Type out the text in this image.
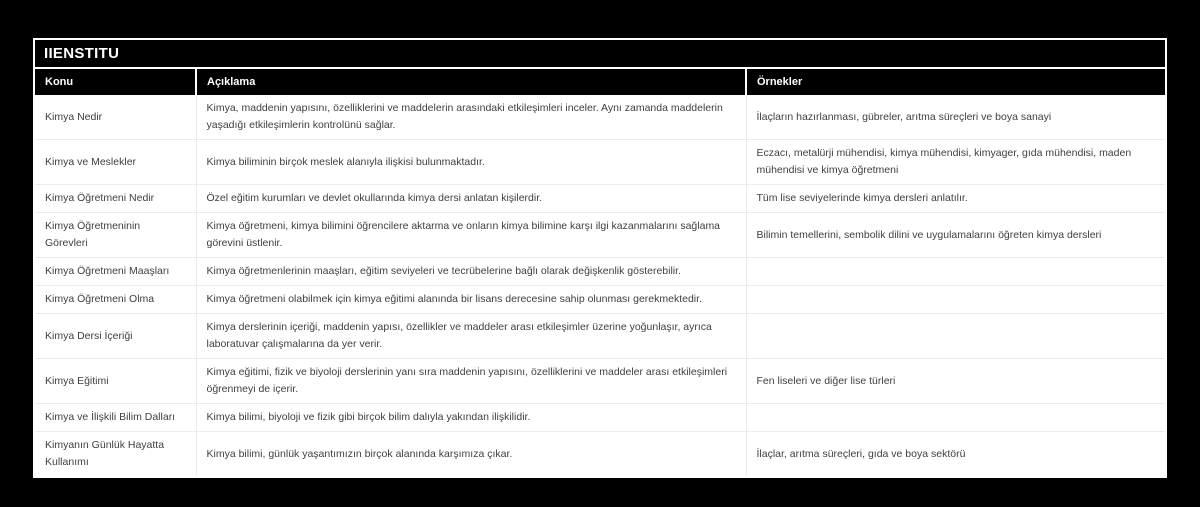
IIENSTITU
Konu	Açıklama	Örnekler
Kimya Nedir	Kimya, maddenin yapısını, özelliklerini ve maddelerin arasındaki etkileşimleri inceler. Aynı zamanda maddelerin yaşadığı etkileşimlerin kontrolünü sağlar.	İlaçların hazırlanması, gübreler, arıtma süreçleri ve boya sanayi
Kimya ve Meslekler	Kimya biliminin birçok meslek alanıyla ilişkisi bulunmaktadır.	Eczacı, metalürji mühendisi, kimya mühendisi, kimyager, gıda mühendisi, maden mühendisi ve kimya öğretmeni
Kimya Öğretmeni Nedir	Özel eğitim kurumları ve devlet okullarında kimya dersi anlatan kişilerdir.	Tüm lise seviyelerinde kimya dersleri anlatılır.
Kimya Öğretmeninin Görevleri	Kimya öğretmeni, kimya bilimini öğrencilere aktarma ve onların kimya bilimine karşı ilgi kazanmalarını sağlama görevini üstlenir.	Bilimin temellerini, sembolik dilini ve uygulamalarını öğreten kimya dersleri
Kimya Öğretmeni Maaşları	Kimya öğretmenlerinin maaşları, eğitim seviyeleri ve tecrübelerine bağlı olarak değişkenlik gösterebilir.	
Kimya Öğretmeni Olma	Kimya öğretmeni olabilmek için kimya eğitimi alanında bir lisans derecesine sahip olunması gerekmektedir.	
Kimya Dersi İçeriği	Kimya derslerinin içeriği, maddenin yapısı, özellikler ve maddeler arası etkileşimler üzerine yoğunlaşır, ayrıca laboratuvar çalışmalarına da yer verir.	
Kimya Eğitimi	Kimya eğitimi, fizik ve biyoloji derslerinin yanı sıra maddenin yapısını, özelliklerini ve maddeler arası etkileşimleri öğrenmeyi de içerir.	Fen liseleri ve diğer lise türleri
Kimya ve İlişkili Bilim Dalları	Kimya bilimi, biyoloji ve fizik gibi birçok bilim dalıyla yakından ilişkilidir.	
Kimyanın Günlük Hayatta Kullanımı	Kimya bilimi, günlük yaşantımızın birçok alanında karşımıza çıkar.	İlaçlar, arıtma süreçleri, gıda ve boya sektörü
